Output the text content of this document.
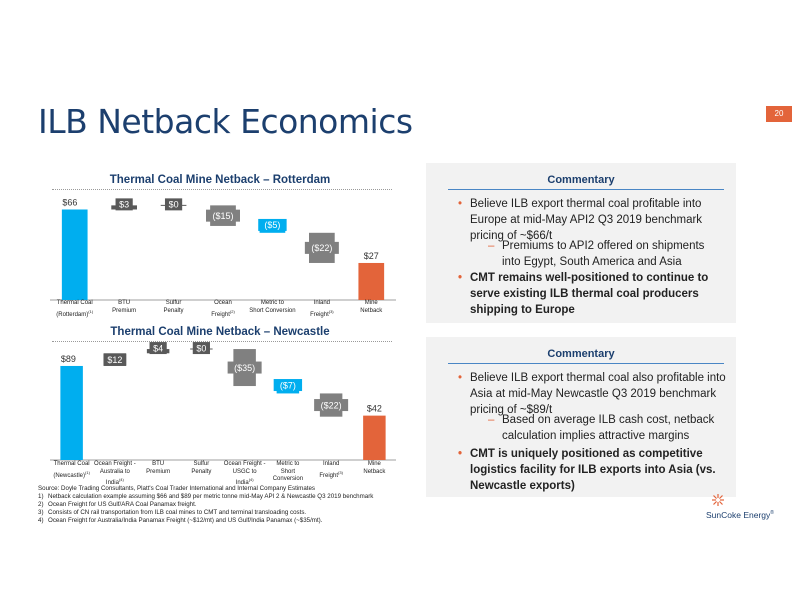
ILB Netback Economics	20
Thermal Coal Mine Netback – Rotterdam
$66	$3	$0
($15)
($5)
($22)
$27
Thermal Coal
(Rotterdam)$^{(1)}$
BTU
Premium
Sulfur
Penalty
Ocean
Freight$^{(2)}$
Metric to
Short Conversion
Inland
Freight$^{(3)}$
Mine
Netback
Thermal Coal Mine Netback – Newcastle
$89	$12
$4	$0
($35)
($7)
($22)	$42
Thermal Coal
(Newcastle)$^{(1)}$
Ocean Freight -
Australia to India$^{(4)}$
BTU
Premium
Sulfur
Penalty
Ocean Freight -
USGC to India$^{(4)}$
Metric to
Short Conversion
Inland
Freight$^{(3)}$
Mine
Netback
Source: Doyle Trading Consultants, Platt's Coal Trader International and Internal Company Estimates
1) Netback calculation example assuming $66 and $89 per metric tonne mid-May API 2 & Newcastle Q3 2019 benchmark
2) Ocean Freight for US Gulf/ARA Coal Panamax freight.
3) Consists of CN rail transportation from ILB coal mines to CMT and terminal transloading costs.
4) Ocean Freight for Australia/India Panamax Freight (~$12/mt) and US Gulf/India Panamax (~$35/mt).
Commentary
• Believe ILB export thermal coal profitable into Europe at mid-May API2 Q3 2019 benchmark pricing of ~$66/t
– Premiums to API2 offered on shipments into Egypt, South America and Asia
• CMT remains well-positioned to continue to serve existing ILB thermal coal producers shipping to Europe
Commentary
• Believe ILB export thermal coal also profitable into Asia at mid-May Newcastle Q3 2019 benchmark pricing of ~$89/t
– Based on average ILB cash cost, netback calculation implies attractive margins
• CMT is uniquely positioned as competitive logistics facility for ILB exports into Asia (vs. Newcastle exports)
SunCoke Energy®
